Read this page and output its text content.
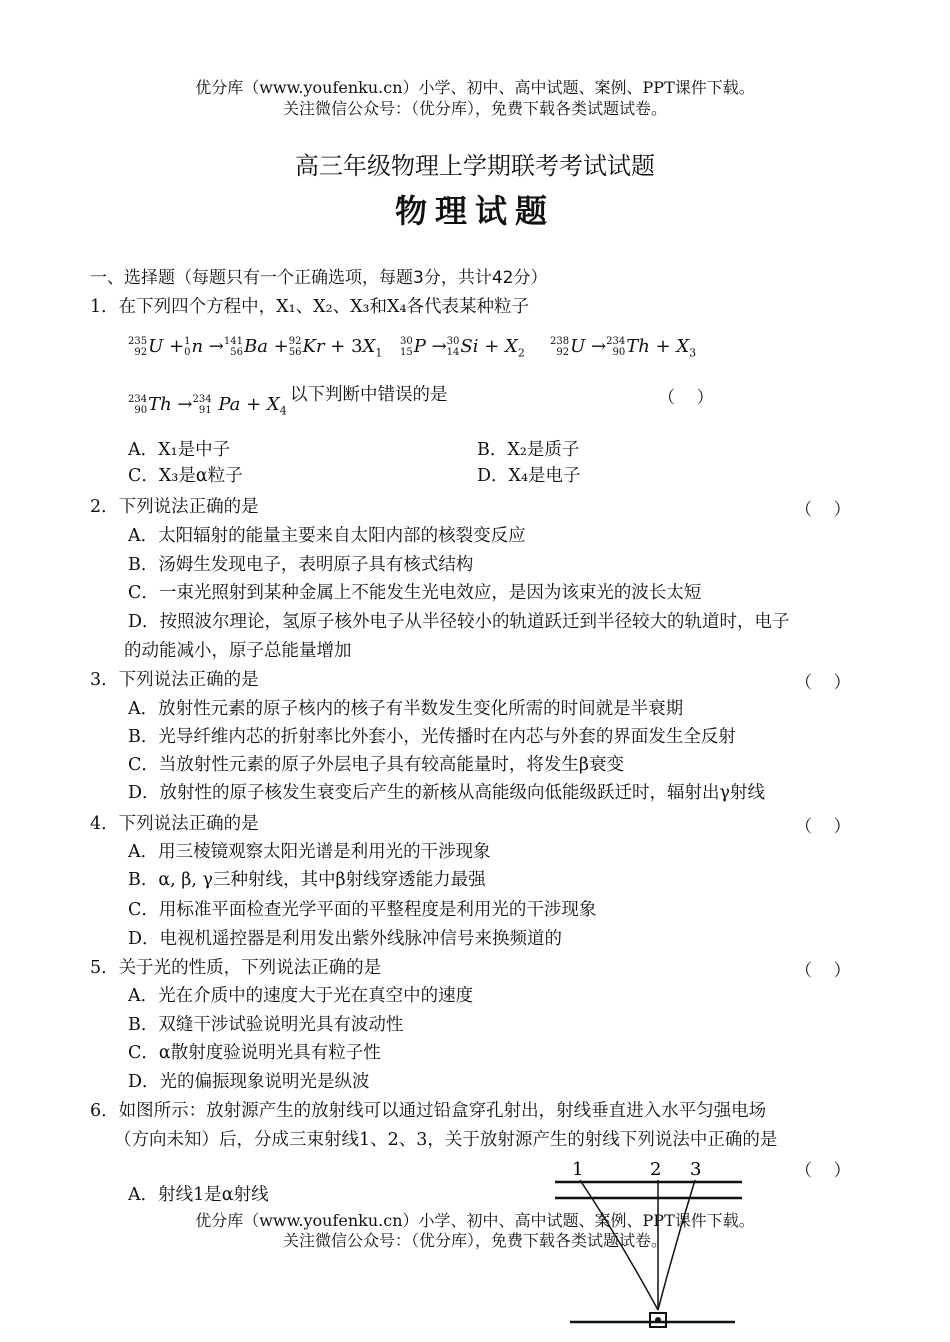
优分库（www.youfenku.cn）小学、初中、高中试题、案例、PPT课件下载。
关注微信公众号：（优分库），免费下载各类试题试卷。
高三年级物理上学期联考考试试题
物理试题
一、选择题（每题只有一个正确选项，每题3分，共计42分）
1．在下列四个方程中，X₁、X₂、X₃和X₄各代表某种粒子
235
92 U + 1
0 n → 141
56 Ba + 92
56 $Kr + 3X_1$
30
15 P → 30
14 $Si + X_2$
238
92 U → 234
90 $Th + X_3$
234
90 Th → 234
91 $Pa + X_4$
以下判断中错误的是	（    ）
A．X₁是中子	B．X₂是质子
C．X₃是α粒子	D．X₄是电子
2．下列说法正确的是	（    ）
A．太阳辐射的能量主要来自太阳内部的核裂变反应
B．汤姆生发现电子，表明原子具有核式结构
C．一束光照射到某种金属上不能发生光电效应，是因为该束光的波长太短
D．按照波尔理论，氢原子核外电子从半径较小的轨道跃迁到半径较大的轨道时，电子
的动能减小，原子总能量增加
3．下列说法正确的是	（    ）
A．放射性元素的原子核内的核子有半数发生变化所需的时间就是半衰期
B．光导纤维内芯的折射率比外套小，光传播时在内芯与外套的界面发生全反射
C．当放射性元素的原子外层电子具有较高能量时，将发生β衰变
D．放射性的原子核发生衰变后产生的新核从高能级向低能级跃迁时，辐射出γ射线
4．下列说法正确的是	（    ）
A．用三棱镜观察太阳光谱是利用光的干涉现象
B．α, β, γ三种射线，其中β射线穿透能力最强
C．用标准平面检查光学平面的平整程度是利用光的干涉现象
D．电视机遥控器是利用发出紫外线脉冲信号来换频道的
5．关于光的性质，下列说法正确的是	（    ）
A．光在介质中的速度大于光在真空中的速度
B．双缝干涉试验说明光具有波动性
C．α散射度验说明光具有粒子性
D．光的偏振现象说明光是纵波
6．如图所示：放射源产生的放射线可以通过铅盒穿孔射出，射线垂直进入水平匀强电场
（方向未知）后，分成三束射线1、2、3，关于放射源产生的射线下列说法中正确的是
（    ）
A．射线1是α射线
1	2 3
优分库（www.youfenku.cn）小学、初中、高中试题、案例、PPT课件下载。
关注微信公众号：（优分库），免费下载各类试题试卷。
